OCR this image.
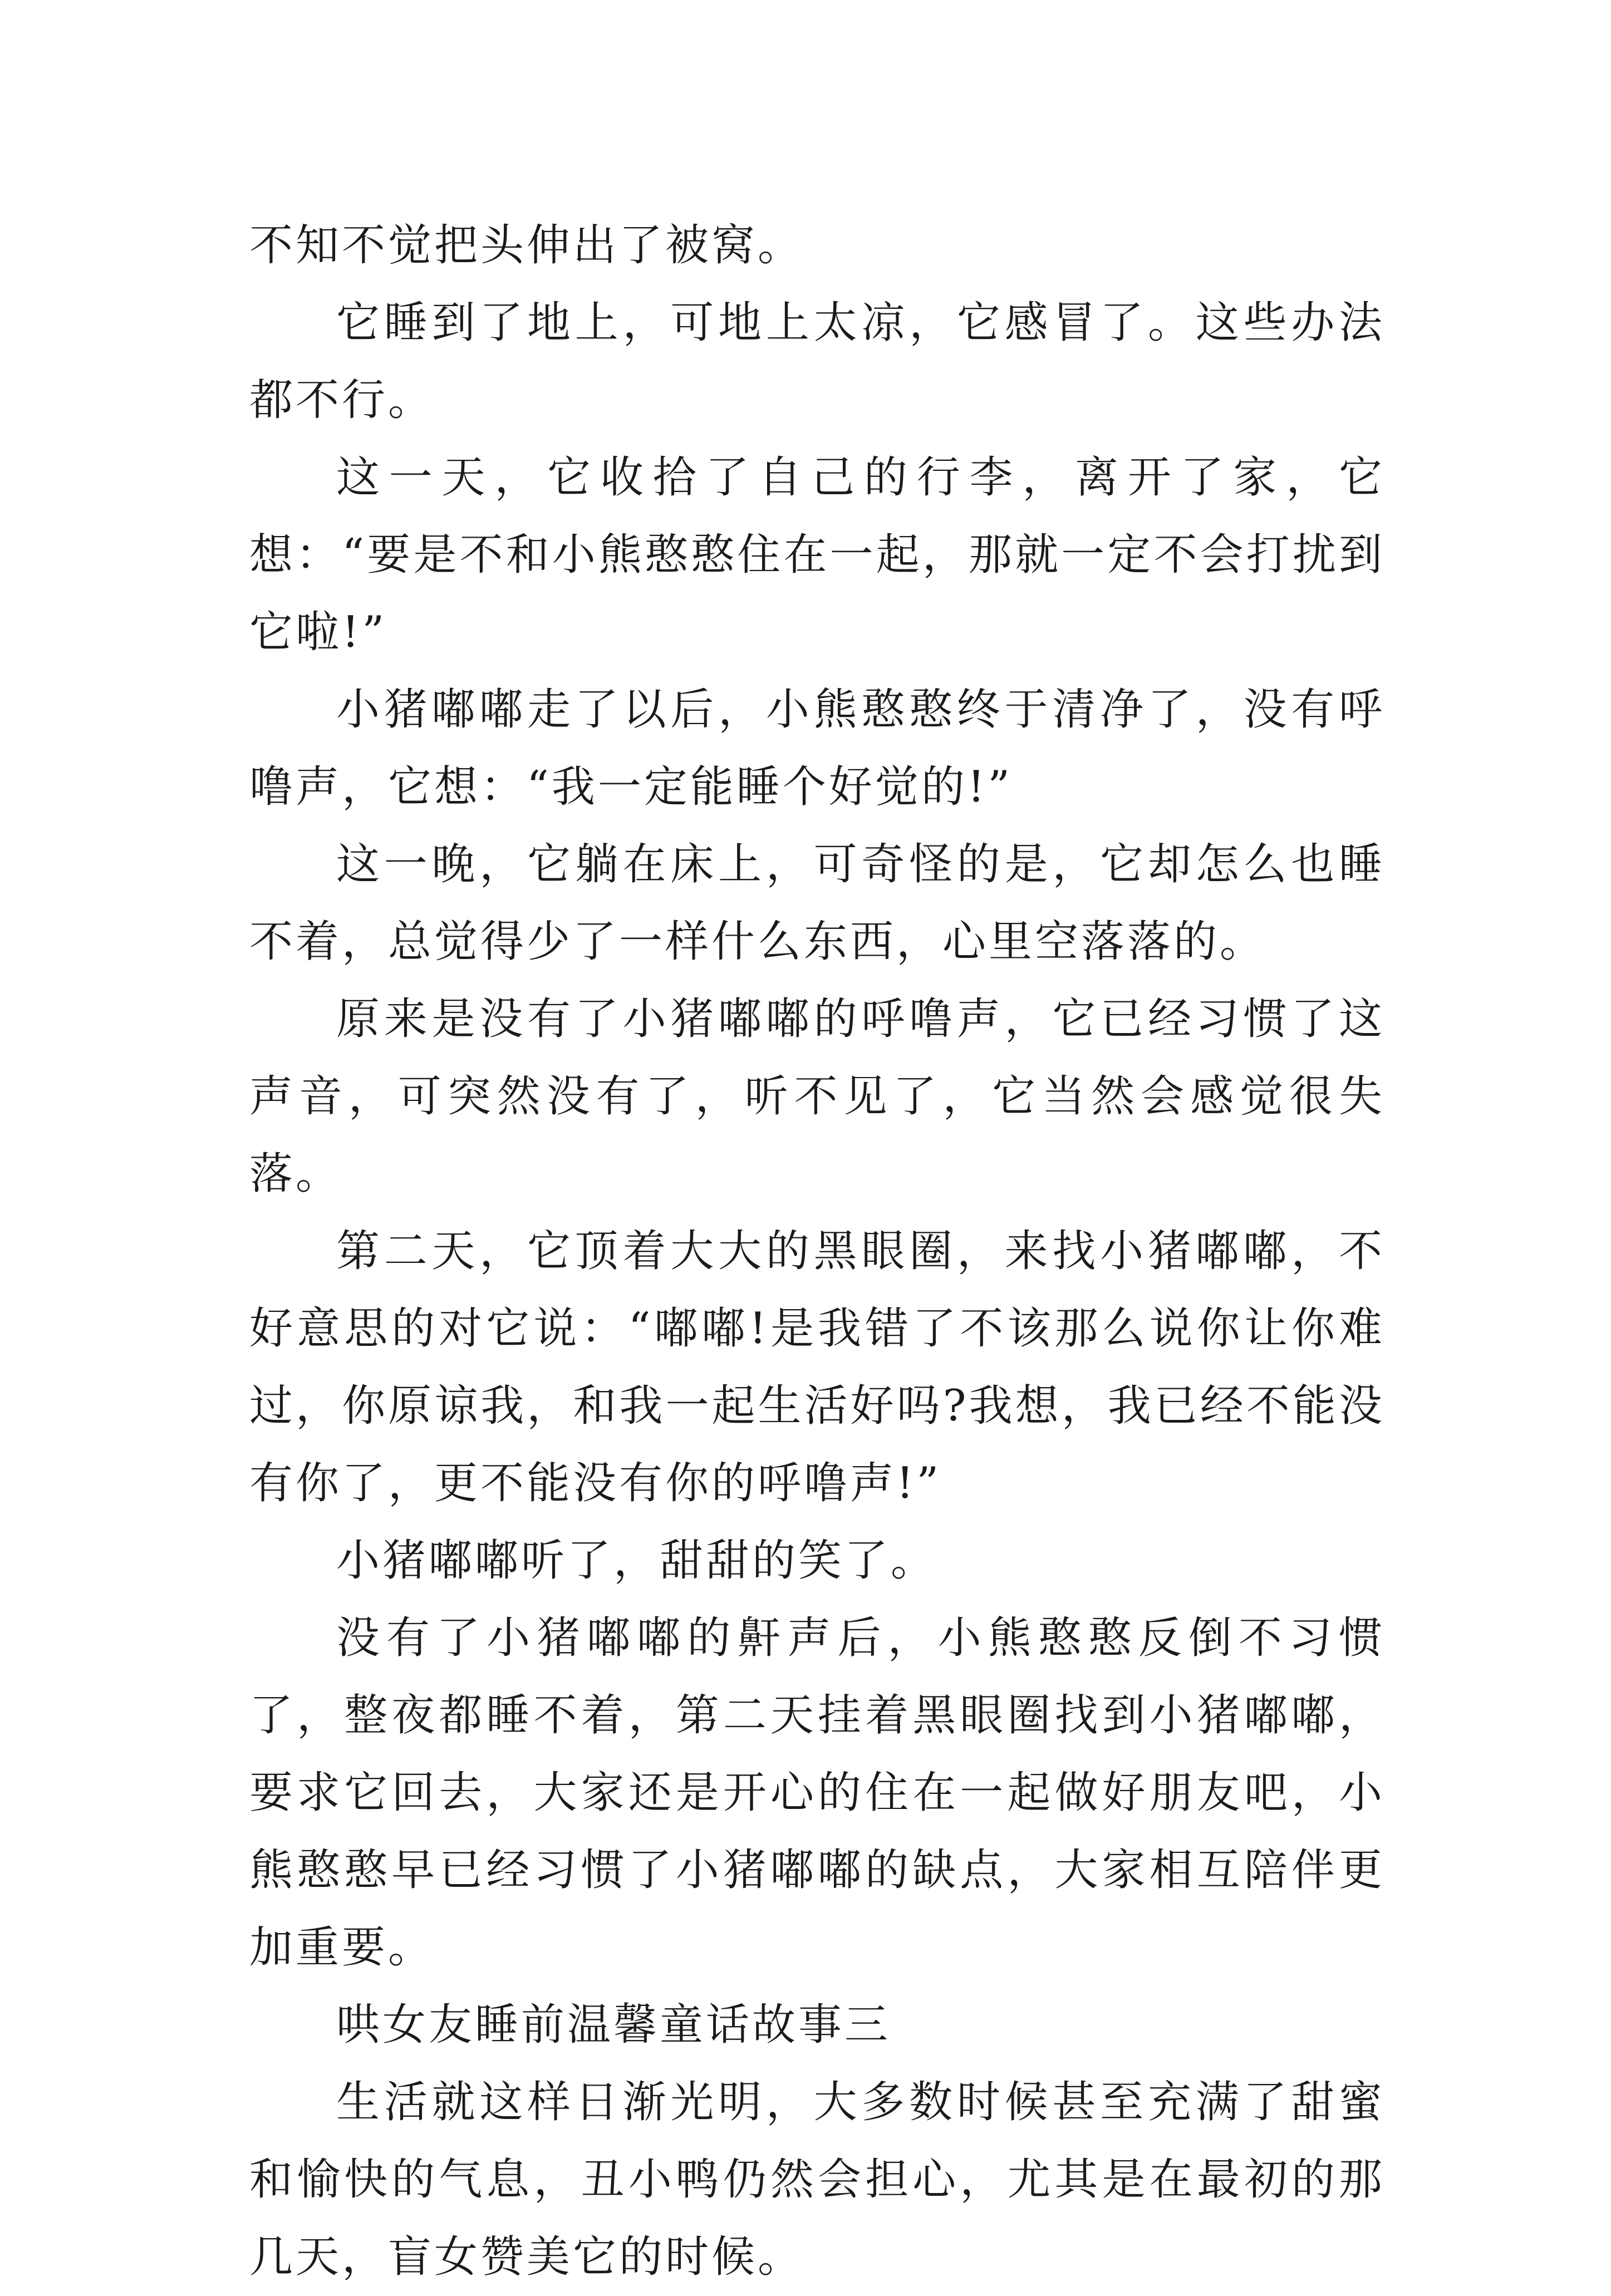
不知不觉把头伸出了被窝。

它睡到了地上，可地上太凉，它感冒了。这些办法都不行。

这一天，它收拾了自己的行李，离开了家，它想：“要是不和小熊憨憨住在一起，那就一定不会打扰到它啦!”

小猪嘟嘟走了以后，小熊憨憨终于清净了，没有呼噜声，它想：“我一定能睡个好觉的!”

这一晚，它躺在床上，可奇怪的是，它却怎么也睡不着，总觉得少了一样什么东西，心里空落落的。

原来是没有了小猪嘟嘟的呼噜声，它已经习惯了这声音，可突然没有了，听不见了，它当然会感觉很失落。

第二天，它顶着大大的黑眼圈，来找小猪嘟嘟，不好意思的对它说：“嘟嘟!是我错了不该那么说你让你难过，你原谅我，和我一起生活好吗?我想，我已经不能没有你了，更不能没有你的呼噜声!”

小猪嘟嘟听了，甜甜的笑了。

没有了小猪嘟嘟的鼾声后，小熊憨憨反倒不习惯了，整夜都睡不着，第二天挂着黑眼圈找到小猪嘟嘟，要求它回去，大家还是开心的住在一起做好朋友吧，小熊憨憨早已经习惯了小猪嘟嘟的缺点，大家相互陪伴更加重要。

哄女友睡前温馨童话故事三

生活就这样日渐光明，大多数时候甚至充满了甜蜜和愉快的气息，丑小鸭仍然会担心，尤其是在最初的那几天，盲女赞美它的时候。
